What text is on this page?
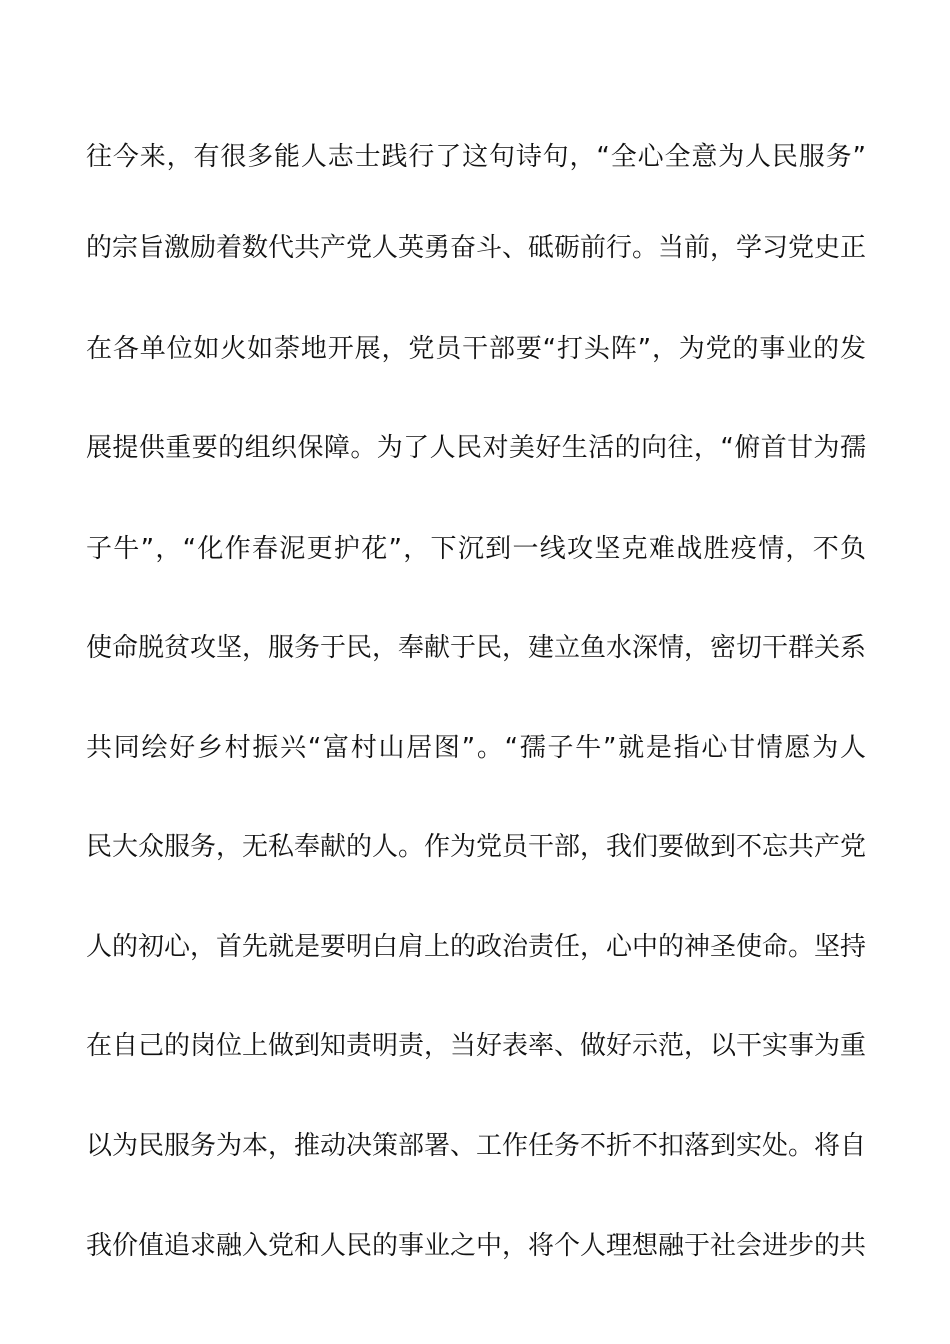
往今来，有很多能人志士践行了这句诗句，“全心全意为人民服务”
的宗旨激励着数代共产党人英勇奋斗、砥砺前行。当前，学习党史正
在各单位如火如荼地开展，党员干部要“打头阵”，为党的事业的发
展提供重要的组织保障。为了人民对美好生活的向往，“俯首甘为孺
子牛”，“化作春泥更护花”，下沉到一线攻坚克难战胜疫情，不负
使命脱贫攻坚，服务于民，奉献于民，建立鱼水深情，密切干群关系
共同绘好乡村振兴“富村山居图”。“孺子牛”就是指心甘情愿为人
民大众服务，无私奉献的人。作为党员干部，我们要做到不忘共产党
人的初心，首先就是要明白肩上的政治责任，心中的神圣使命。坚持
在自己的岗位上做到知责明责，当好表率、做好示范，以干实事为重
以为民服务为本，推动决策部署、工作任务不折不扣落到实处。将自
我价值追求融入党和人民的事业之中，将个人理想融于社会进步的共
